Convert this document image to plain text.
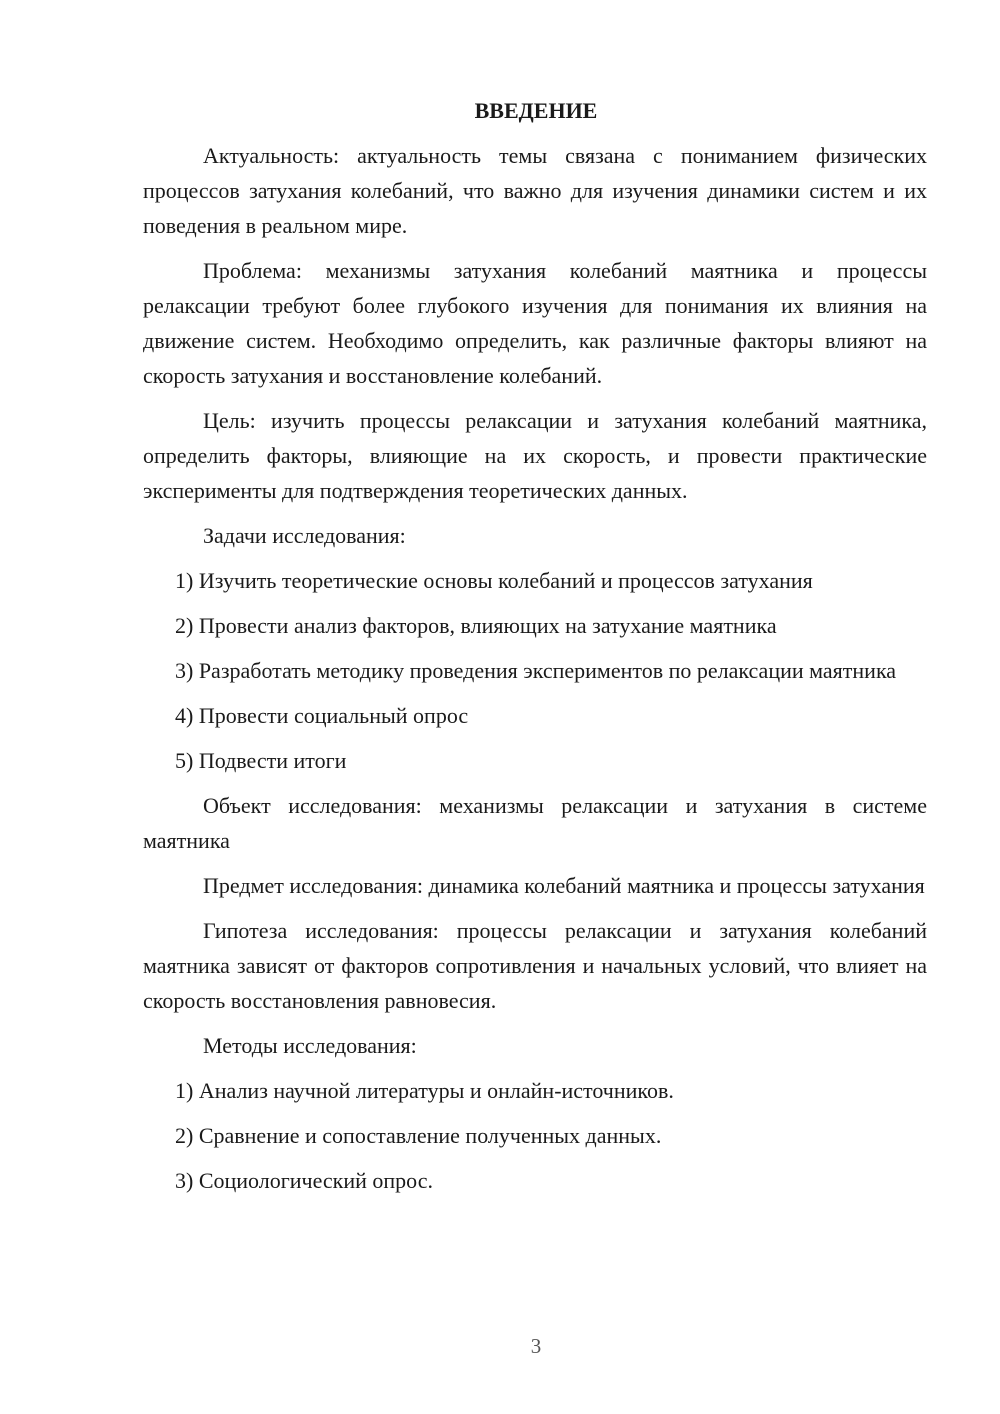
ВВЕДЕНИЕ

Актуальность: актуальность темы связана с пониманием физических процессов затухания колебаний, что важно для изучения динамики систем и их поведения в реальном мире.

Проблема: механизмы затухания колебаний маятника и процессы релаксации требуют более глубокого изучения для понимания их влияния на движение систем. Необходимо определить, как различные факторы влияют на скорость затухания и восстановление колебаний.

Цель: изучить процессы релаксации и затухания колебаний маятника, определить факторы, влияющие на их скорость, и провести практические эксперименты для подтверждения теоретических данных.

Задачи исследования:

1) Изучить теоретические основы колебаний и процессов затухания

2) Провести анализ факторов, влияющих на затухание маятника

3) Разработать методику проведения экспериментов по релаксации маятника

4) Провести социальный опрос

5) Подвести итоги

Объект исследования: механизмы релаксации и затухания в системе маятника

Предмет исследования: динамика колебаний маятника и процессы затухания

Гипотеза исследования: процессы релаксации и затухания колебаний маятника зависят от факторов сопротивления и начальных условий, что влияет на скорость восстановления равновесия.

Методы исследования:

1) Анализ научной литературы и онлайн-источников.

2) Сравнение и сопоставление полученных данных.

3) Социологический опрос.

3
